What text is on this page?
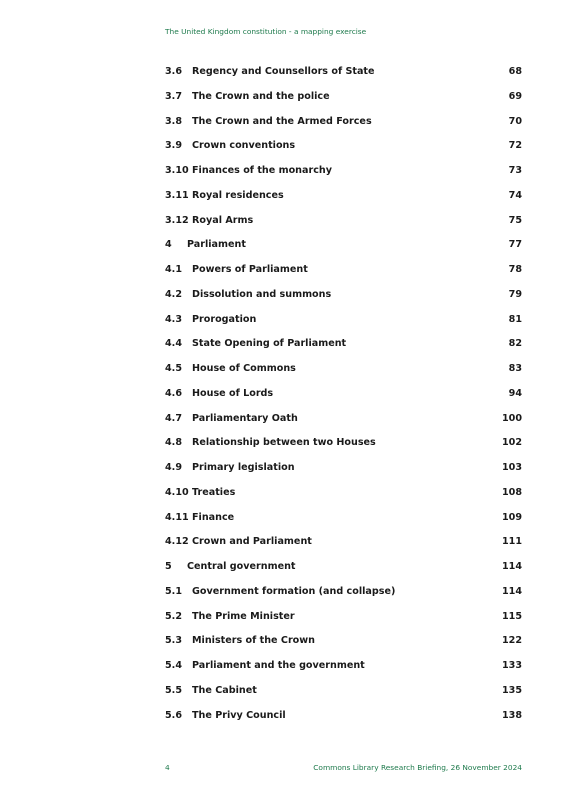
The United Kingdom constitution - a mapping exercise
3.6 Regency and Counsellors of State	68
3.7 The Crown and the police	69
3.8 The Crown and the Armed Forces	70
3.9 Crown conventions	72
3.10 Finances of the monarchy	73
3.11 Royal residences	74
3.12 Royal Arms	75
4 Parliament	77
4.1 Powers of Parliament	78
4.2 Dissolution and summons	79
4.3 Prorogation	81
4.4 State Opening of Parliament	82
4.5 House of Commons	83
4.6 House of Lords	94
4.7 Parliamentary Oath	100
4.8 Relationship between two Houses	102
4.9 Primary legislation	103
4.10 Treaties	108
4.11 Finance	109
4.12 Crown and Parliament	111
5 Central government	114
5.1 Government formation (and collapse)	114
5.2 The Prime Minister	115
5.3 Ministers of the Crown	122
5.4 Parliament and the government	133
5.5 The Cabinet	135
5.6 The Privy Council	138
4	Commons Library Research Briefing, 26 November 2024
